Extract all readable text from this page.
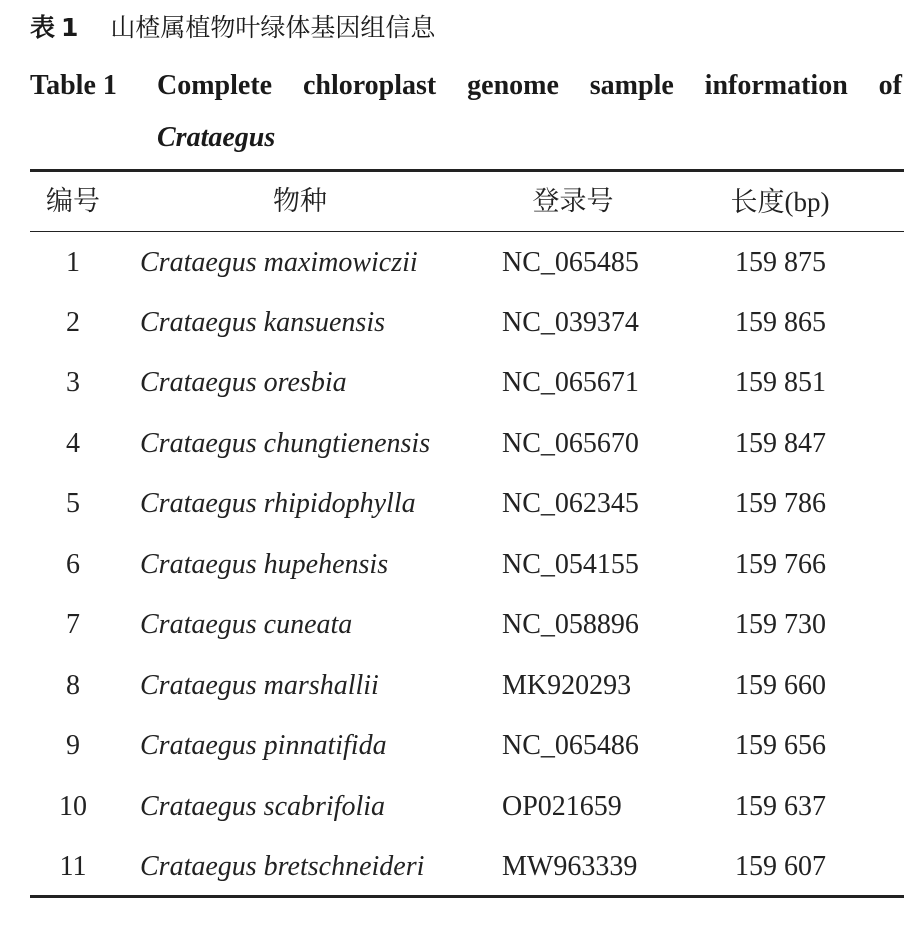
表 1 山楂属植物叶绿体基因组信息
Table 1 Complete chloroplast genome sample information of Crataegus
编号	物种	登录号	长度(bp)
1	Crataegus maximowiczii	NC_065485	159 875
2	Crataegus kansuensis	NC_039374	159 865
3	Crataegus oresbia	NC_065671	159 851
4	Crataegus chungtienensis	NC_065670	159 847
5	Crataegus rhipidophylla	NC_062345	159 786
6	Crataegus hupehensis	NC_054155	159 766
7	Crataegus cuneata	NC_058896	159 730
8	Crataegus marshallii	MK920293	159 660
9	Crataegus pinnatifida	NC_065486	159 656
10	Crataegus scabrifolia	OP021659	159 637
11	Crataegus bretschneideri	MW963339	159 607
